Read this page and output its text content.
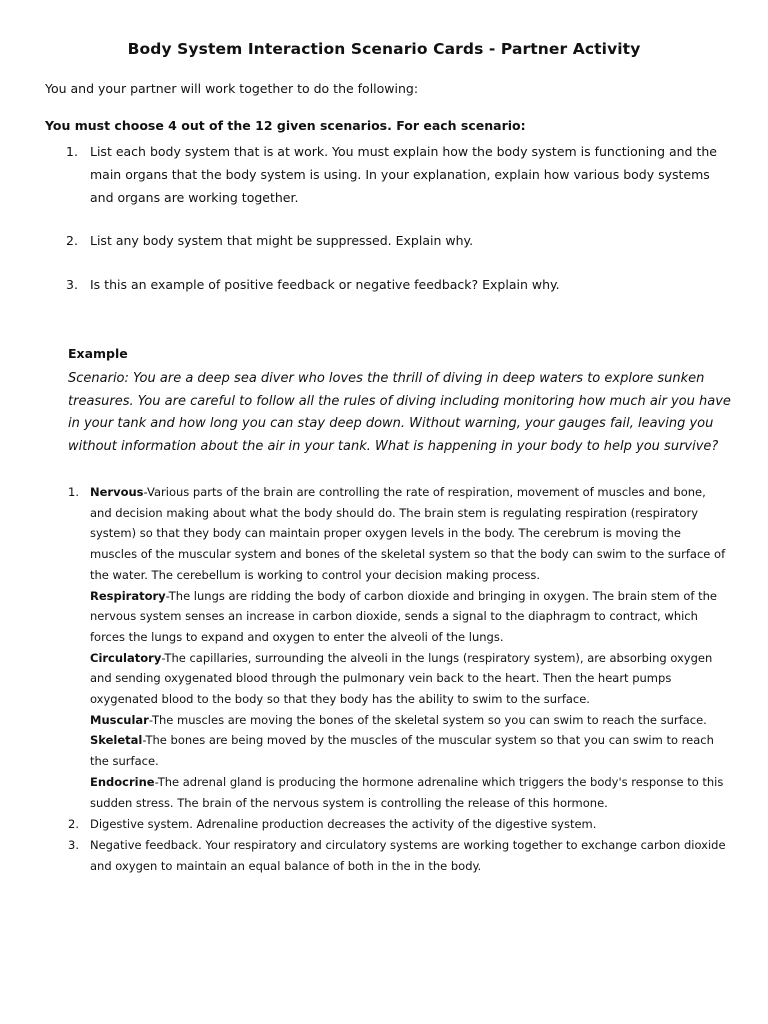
Body System Interaction Scenario Cards - Partner Activity
You and your partner will work together to do the following:
You must choose 4 out of the 12 given scenarios. For each scenario:
1. List each body system that is at work. You must explain how the body system is functioning and the main organs that the body system is using. In your explanation, explain how various body systems and organs are working together.
2. List any body system that might be suppressed. Explain why.
3. Is this an example of positive feedback or negative feedback? Explain why.
Example
Scenario: You are a deep sea diver who loves the thrill of diving in deep waters to explore sunken treasures. You are careful to follow all the rules of diving including monitoring how much air you have in your tank and how long you can stay deep down. Without warning, your gauges fail, leaving you without information about the air in your tank. What is happening in your body to help you survive?
1. Nervous-Various parts of the brain are controlling the rate of respiration, movement of muscles and bone, and decision making about what the body should do. The brain stem is regulating respiration (respiratory system) so that they body can maintain proper oxygen levels in the body. The cerebrum is moving the muscles of the muscular system and bones of the skeletal system so that the body can swim to the surface of the water. The cerebellum is working to control your decision making process.
Respiratory-The lungs are ridding the body of carbon dioxide and bringing in oxygen. The brain stem of the nervous system senses an increase in carbon dioxide, sends a signal to the diaphragm to contract, which forces the lungs to expand and oxygen to enter the alveoli of the lungs.
Circulatory-The capillaries, surrounding the alveoli in the lungs (respiratory system), are absorbing oxygen and sending oxygenated blood through the pulmonary vein back to the heart. Then the heart pumps oxygenated blood to the body so that they body has the ability to swim to the surface.
Muscular-The muscles are moving the bones of the skeletal system so you can swim to reach the surface.
Skeletal-The bones are being moved by the muscles of the muscular system so that you can swim to reach the surface.
Endocrine-The adrenal gland is producing the hormone adrenaline which triggers the body's response to this sudden stress. The brain of the nervous system is controlling the release of this hormone.
2. Digestive system. Adrenaline production decreases the activity of the digestive system.
3. Negative feedback. Your respiratory and circulatory systems are working together to exchange carbon dioxide and oxygen to maintain an equal balance of both in the in the body.
